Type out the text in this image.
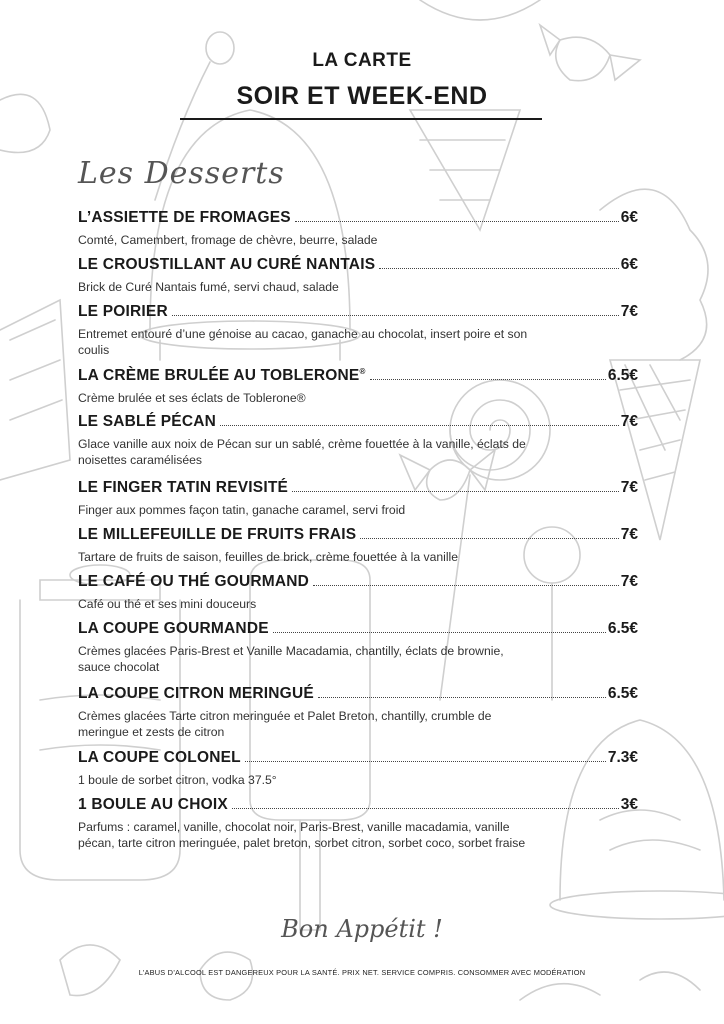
LA CARTE
SOIR ET WEEK-END
Les Desserts
L’ASSIETTE DE FROMAGES	6€
Comté, Camembert, fromage de chèvre, beurre, salade
LE CROUSTILLANT AU CURÉ NANTAIS	6€
Brick de Curé Nantais fumé, servi chaud, salade
LE POIRIER	7€
Entremet entouré d’une génoise au cacao, ganache au chocolat, insert poire et son coulis
LA CRÈME BRULÉE AU TOBLERONE®	6.5€
Crème brulée et ses éclats de Toblerone®
LE SABLÉ PÉCAN	7€
Glace vanille aux noix de Pécan sur un sablé, crème fouettée à la vanille, éclats de noisettes caramélisées
LE FINGER TATIN REVISITÉ	7€
Finger aux pommes façon tatin, ganache caramel, servi froid
LE MILLEFEUILLE DE FRUITS FRAIS	7€
Tartare de fruits de saison, feuilles de brick, crème fouettée à la vanille
LE CAFÉ OU THÉ GOURMAND	7€
Café ou thé et ses mini douceurs
LA COUPE GOURMANDE	6.5€
Crèmes glacées Paris-Brest et Vanille Macadamia, chantilly, éclats de brownie, sauce chocolat
LA COUPE CITRON MERINGUÉ	6.5€
Crèmes glacées Tarte citron meringuée et Palet Breton, chantilly, crumble de meringue et zests de citron
LA COUPE COLONEL	7.3€
1 boule de sorbet citron, vodka 37.5°
1 BOULE AU CHOIX	3€
Parfums : caramel, vanille, chocolat noir, Paris-Brest, vanille macadamia, vanille pécan, tarte citron meringuée, palet breton, sorbet citron, sorbet coco, sorbet fraise
Bon Appétit !
L’ABUS D’ALCOOL EST DANGEREUX POUR LA SANTÉ. PRIX NET. SERVICE COMPRIS. CONSOMMER AVEC MODÉRATION
